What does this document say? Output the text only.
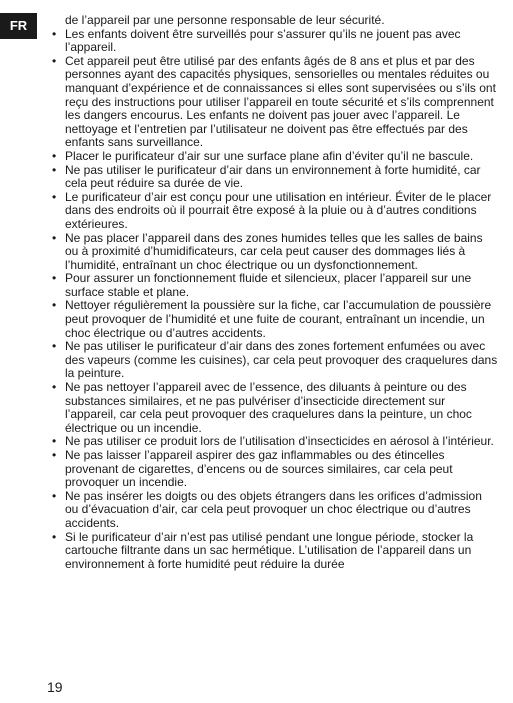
FR	de l’appareil par une personne responsable de leur sécurité.

• Les enfants doivent être surveillés pour s’assurer qu’ils ne jouent pas avec l’appareil.
• Cet appareil peut être utilisé par des enfants âgés de 8 ans et plus et par des personnes ayant des capacités physiques, sensorielles ou mentales réduites ou manquant d’expérience et de connaissances si elles sont supervisées ou s’ils ont reçu des instructions pour utiliser l’appareil en toute sécurité et s’ils comprennent les dangers encourus. Les enfants ne doivent pas jouer avec l’appareil. Le nettoyage et l’entretien par l’utilisateur ne doivent pas être effectués par des enfants sans surveillance.
• Placer le purificateur d’air sur une surface plane afin d’éviter qu’il ne bascule.
• Ne pas utiliser le purificateur d’air dans un environnement à forte humidité, car cela peut réduire sa durée de vie.
• Le purificateur d’air est conçu pour une utilisation en intérieur. Éviter de le placer dans des endroits où il pourrait être exposé à la pluie ou à d’autres conditions extérieures.
• Ne pas placer l’appareil dans des zones humides telles que les salles de bains ou à proximité d’humidificateurs, car cela peut causer des dommages liés à l’humidité, entraînant un choc électrique ou un dysfonctionnement.
• Pour assurer un fonctionnement fluide et silencieux, placer l’appareil sur une surface stable et plane.
• Nettoyer régulièrement la poussière sur la fiche, car l’accumulation de poussière peut provoquer de l’humidité et une fuite de courant, entraînant un incendie, un choc électrique ou d’autres accidents.
• Ne pas utiliser le purificateur d’air dans des zones fortement enfumées ou avec des vapeurs (comme les cuisines), car cela peut provoquer des craquelures dans la peinture.
• Ne pas nettoyer l’appareil avec de l’essence, des diluants à peinture ou des substances similaires, et ne pas pulvériser d’insecticide directement sur l’appareil, car cela peut provoquer des craquelures dans la peinture, un choc électrique ou un incendie.
• Ne pas utiliser ce produit lors de l’utilisation d’insecticides en aérosol à l’intérieur.
• Ne pas laisser l’appareil aspirer des gaz inflammables ou des étincelles provenant de cigarettes, d’encens ou de sources similaires, car cela peut provoquer un incendie.
• Ne pas insérer les doigts ou des objets étrangers dans les orifices d’admission ou d’évacuation d’air, car cela peut provoquer un choc électrique ou d’autres accidents.
• Si le purificateur d’air n’est pas utilisé pendant une longue période, stocker la cartouche filtrante dans un sac hermétique. L’utilisation de l’appareil dans un environnement à forte humidité peut réduire la durée
19
